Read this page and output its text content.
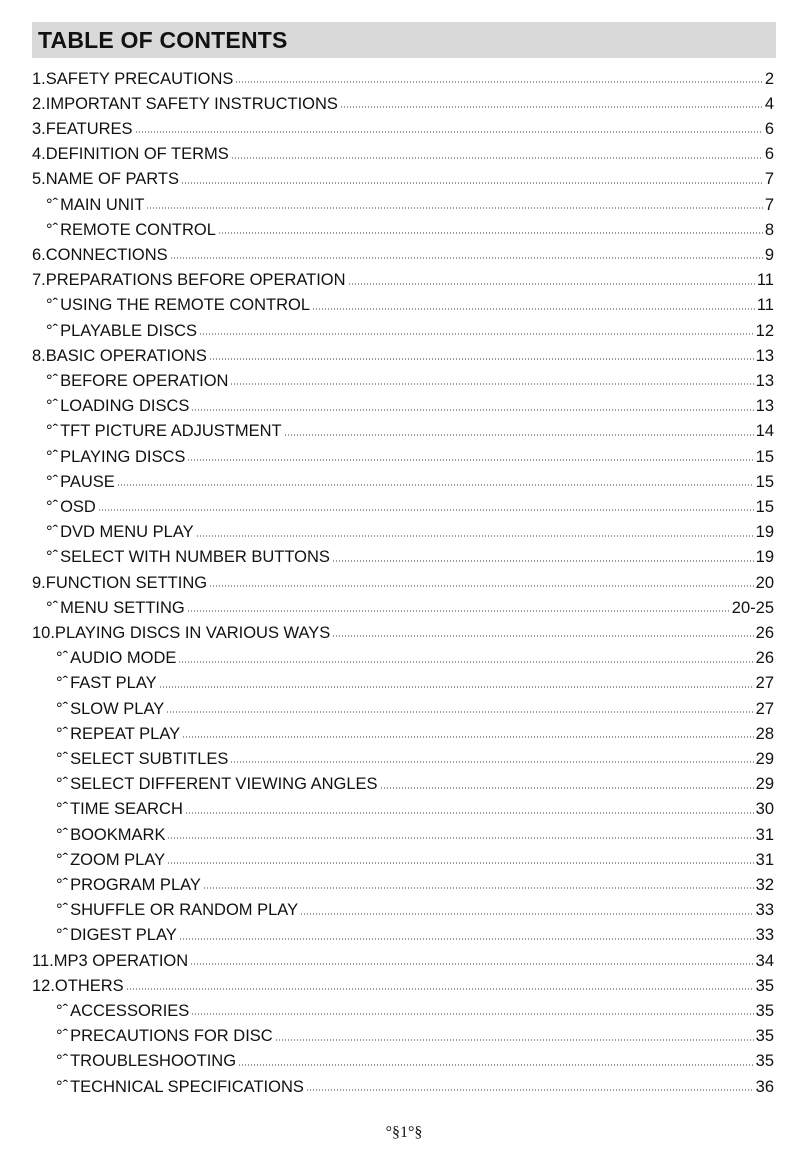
TABLE OF CONTENTS
1.SAFETY PRECAUTIONS	2
2.IMPORTANT SAFETY INSTRUCTIONS	4
3.FEATURES	6
4.DEFINITION OF TERMS	6
5.NAME OF PARTS	7
°ˆ MAIN UNIT	7
°ˆ REMOTE CONTROL	8
6.CONNECTIONS	9
7.PREPARATIONS BEFORE OPERATION	11
°ˆ USING THE REMOTE CONTROL	11
°ˆ PLAYABLE DISCS	12
8.BASIC OPERATIONS	13
°ˆ BEFORE OPERATION	13
°ˆ LOADING DISCS	13
°ˆ TFT PICTURE ADJUSTMENT	14
°ˆ PLAYING DISCS	15
°ˆ PAUSE	15
°ˆ OSD	15
°ˆ DVD MENU PLAY	19
°ˆ SELECT WITH NUMBER BUTTONS	19
9.FUNCTION SETTING	20
°ˆ MENU SETTING	20-25
10.PLAYING DISCS IN VARIOUS WAYS	26
°ˆ AUDIO MODE	26
°ˆ FAST PLAY	27
°ˆ SLOW PLAY	27
°ˆ REPEAT PLAY	28
°ˆ SELECT SUBTITLES	29
°ˆ SELECT DIFFERENT VIEWING ANGLES	29
°ˆ TIME SEARCH	30
°ˆ BOOKMARK	31
°ˆ ZOOM PLAY	31
°ˆ PROGRAM PLAY	32
°ˆ SHUFFLE OR RANDOM PLAY	33
°ˆ DIGEST PLAY	33
11.MP3 OPERATION	34
12.OTHERS	35
°ˆ ACCESSORIES	35
°ˆ PRECAUTIONS FOR DISC	35
°ˆ TROUBLESHOOTING	35
°ˆ TECHNICAL SPECIFICATIONS	36
°§1°§
